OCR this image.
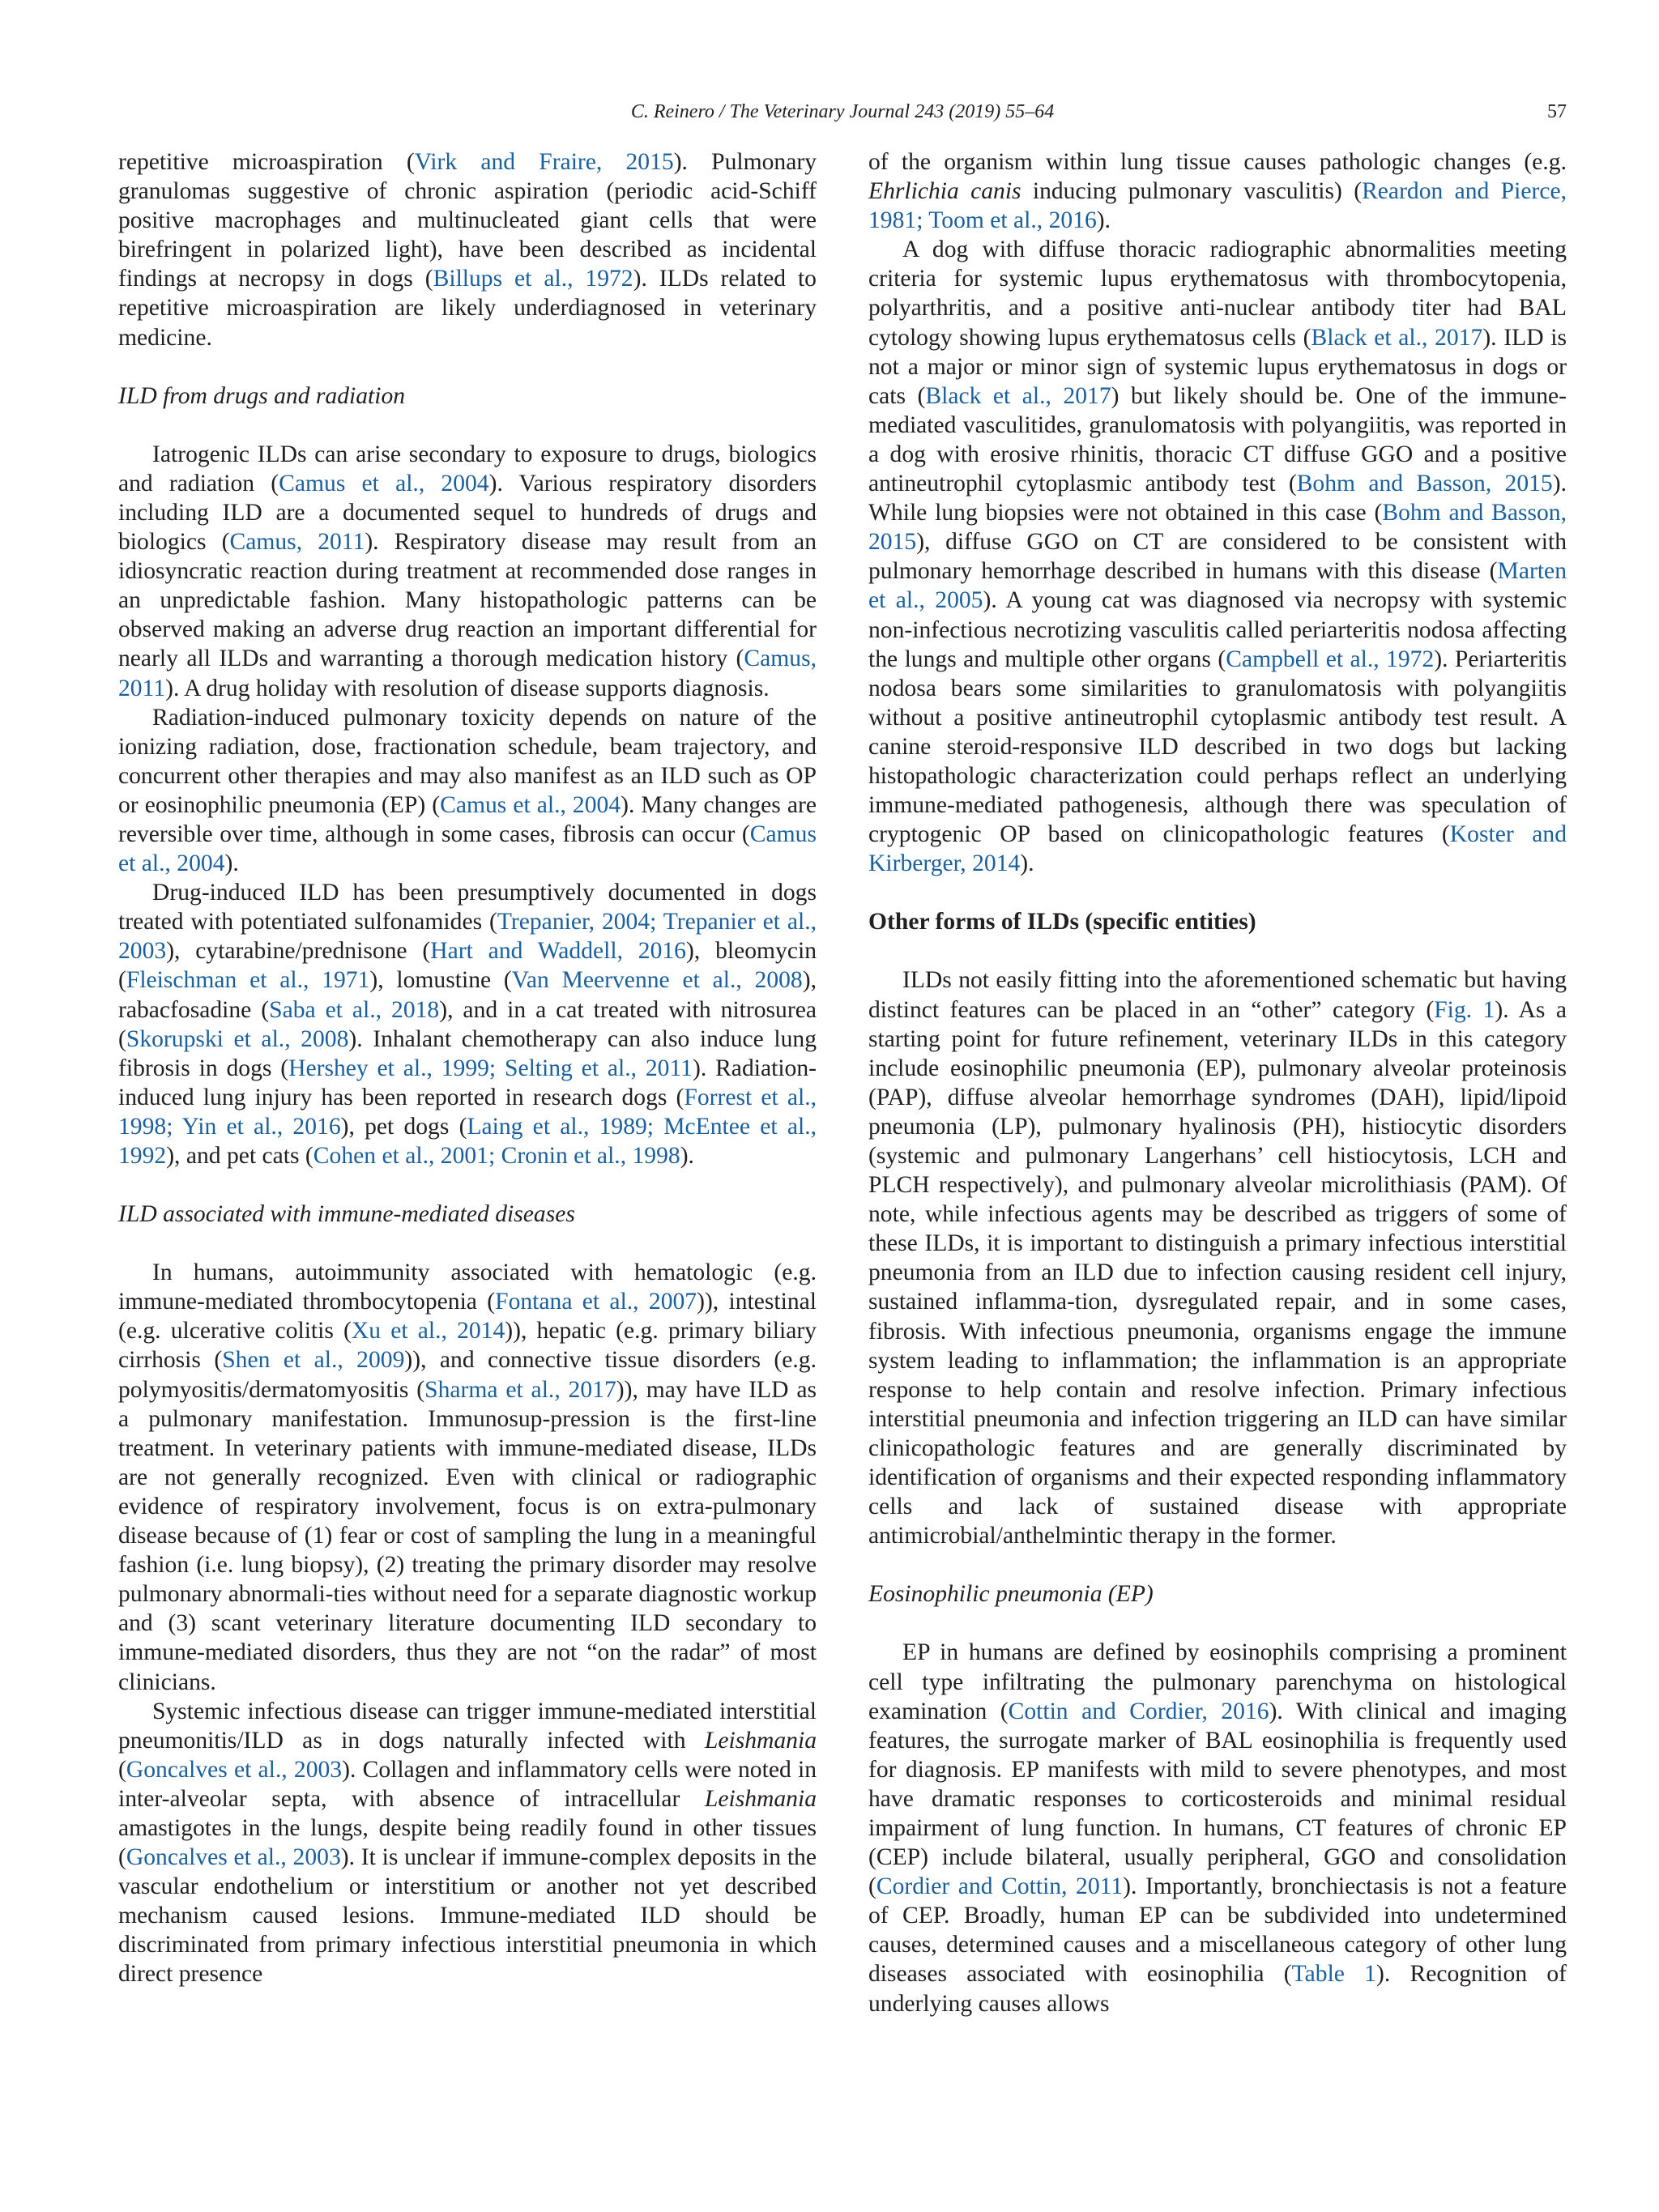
C. Reinero / The Veterinary Journal 243 (2019) 55–64	57

repetitive microaspiration (Virk and Fraire, 2015). Pulmonary granulomas suggestive of chronic aspiration (periodic acid-Schiff positive macrophages and multinucleated giant cells that were birefringent in polarized light), have been described as incidental findings at necropsy in dogs (Billups et al., 1972). ILDs related to repetitive microaspiration are likely underdiagnosed in veterinary medicine.

ILD from drugs and radiation

Iatrogenic ILDs can arise secondary to exposure to drugs, biologics and radiation (Camus et al., 2004). Various respiratory disorders including ILD are a documented sequel to hundreds of drugs and biologics (Camus, 2011). Respiratory disease may result from an idiosyncratic reaction during treatment at recommended dose ranges in an unpredictable fashion. Many histopathologic patterns can be observed making an adverse drug reaction an important differential for nearly all ILDs and warranting a thorough medication history (Camus, 2011). A drug holiday with resolution of disease supports diagnosis.

Radiation-induced pulmonary toxicity depends on nature of the ionizing radiation, dose, fractionation schedule, beam trajectory, and concurrent other therapies and may also manifest as an ILD such as OP or eosinophilic pneumonia (EP) (Camus et al., 2004). Many changes are reversible over time, although in some cases, fibrosis can occur (Camus et al., 2004).

Drug-induced ILD has been presumptively documented in dogs treated with potentiated sulfonamides (Trepanier, 2004; Trepanier et al., 2003), cytarabine/prednisone (Hart and Waddell, 2016), bleomycin (Fleischman et al., 1971), lomustine (Van Meervenne et al., 2008), rabacfosadine (Saba et al., 2018), and in a cat treated with nitrosurea (Skorupski et al., 2008). Inhalant chemotherapy can also induce lung fibrosis in dogs (Hershey et al., 1999; Selting et al., 2011). Radiation-induced lung injury has been reported in research dogs (Forrest et al., 1998; Yin et al., 2016), pet dogs (Laing et al., 1989; McEntee et al., 1992), and pet cats (Cohen et al., 2001; Cronin et al., 1998).

ILD associated with immune-mediated diseases

In humans, autoimmunity associated with hematologic (e.g. immune-mediated thrombocytopenia (Fontana et al., 2007)), intestinal (e.g. ulcerative colitis (Xu et al., 2014)), hepatic (e.g. primary biliary cirrhosis (Shen et al., 2009)), and connective tissue disorders (e.g. polymyositis/dermatomyositis (Sharma et al., 2017)), may have ILD as a pulmonary manifestation. Immunosup-pression is the first-line treatment. In veterinary patients with immune-mediated disease, ILDs are not generally recognized. Even with clinical or radiographic evidence of respiratory involvement, focus is on extra-pulmonary disease because of (1) fear or cost of sampling the lung in a meaningful fashion (i.e. lung biopsy), (2) treating the primary disorder may resolve pulmonary abnormali-ties without need for a separate diagnostic workup and (3) scant veterinary literature documenting ILD secondary to immune-mediated disorders, thus they are not “on the radar” of most clinicians.

Systemic infectious disease can trigger immune-mediated interstitial pneumonitis/ILD as in dogs naturally infected with Leishmania (Goncalves et al., 2003). Collagen and inflammatory cells were noted in inter-alveolar septa, with absence of intracellular Leishmania amastigotes in the lungs, despite being readily found in other tissues (Goncalves et al., 2003). It is unclear if immune-complex deposits in the vascular endothelium or interstitium or another not yet described mechanism caused lesions. Immune-mediated ILD should be discriminated from primary infectious interstitial pneumonia in which direct presence

of the organism within lung tissue causes pathologic changes (e.g. Ehrlichia canis inducing pulmonary vasculitis) (Reardon and Pierce, 1981; Toom et al., 2016).

A dog with diffuse thoracic radiographic abnormalities meeting criteria for systemic lupus erythematosus with thrombocytopenia, polyarthritis, and a positive anti-nuclear antibody titer had BAL cytology showing lupus erythematosus cells (Black et al., 2017). ILD is not a major or minor sign of systemic lupus erythematosus in dogs or cats (Black et al., 2017) but likely should be. One of the immune-mediated vasculitides, granulomatosis with polyangiitis, was reported in a dog with erosive rhinitis, thoracic CT diffuse GGO and a positive antineutrophil cytoplasmic antibody test (Bohm and Basson, 2015). While lung biopsies were not obtained in this case (Bohm and Basson, 2015), diffuse GGO on CT are considered to be consistent with pulmonary hemorrhage described in humans with this disease (Marten et al., 2005). A young cat was diagnosed via necropsy with systemic non-infectious necrotizing vasculitis called periarteritis nodosa affecting the lungs and multiple other organs (Campbell et al., 1972). Periarteritis nodosa bears some similarities to granulomatosis with polyangiitis without a positive antineutrophil cytoplasmic antibody test result. A canine steroid-responsive ILD described in two dogs but lacking histopathologic characterization could perhaps reflect an underlying immune-mediated pathogenesis, although there was speculation of cryptogenic OP based on clinicopathologic features (Koster and Kirberger, 2014).

Other forms of ILDs (specific entities)

ILDs not easily fitting into the aforementioned schematic but having distinct features can be placed in an “other” category (Fig. 1). As a starting point for future refinement, veterinary ILDs in this category include eosinophilic pneumonia (EP), pulmonary alveolar proteinosis (PAP), diffuse alveolar hemorrhage syndromes (DAH), lipid/lipoid pneumonia (LP), pulmonary hyalinosis (PH), histiocytic disorders (systemic and pulmonary Langerhans’ cell histiocytosis, LCH and PLCH respectively), and pulmonary alveolar microlithiasis (PAM). Of note, while infectious agents may be described as triggers of some of these ILDs, it is important to distinguish a primary infectious interstitial pneumonia from an ILD due to infection causing resident cell injury, sustained inflamma-tion, dysregulated repair, and in some cases, fibrosis. With infectious pneumonia, organisms engage the immune system leading to inflammation; the inflammation is an appropriate response to help contain and resolve infection. Primary infectious interstitial pneumonia and infection triggering an ILD can have similar clinicopathologic features and are generally discriminated by identification of organisms and their expected responding inflammatory cells and lack of sustained disease with appropriate antimicrobial/anthelmintic therapy in the former.

Eosinophilic pneumonia (EP)

EP in humans are defined by eosinophils comprising a prominent cell type infiltrating the pulmonary parenchyma on histological examination (Cottin and Cordier, 2016). With clinical and imaging features, the surrogate marker of BAL eosinophilia is frequently used for diagnosis. EP manifests with mild to severe phenotypes, and most have dramatic responses to corticosteroids and minimal residual impairment of lung function. In humans, CT features of chronic EP (CEP) include bilateral, usually peripheral, GGO and consolidation (Cordier and Cottin, 2011). Importantly, bronchiectasis is not a feature of CEP. Broadly, human EP can be subdivided into undetermined causes, determined causes and a miscellaneous category of other lung diseases associated with eosinophilia (Table 1). Recognition of underlying causes allows
